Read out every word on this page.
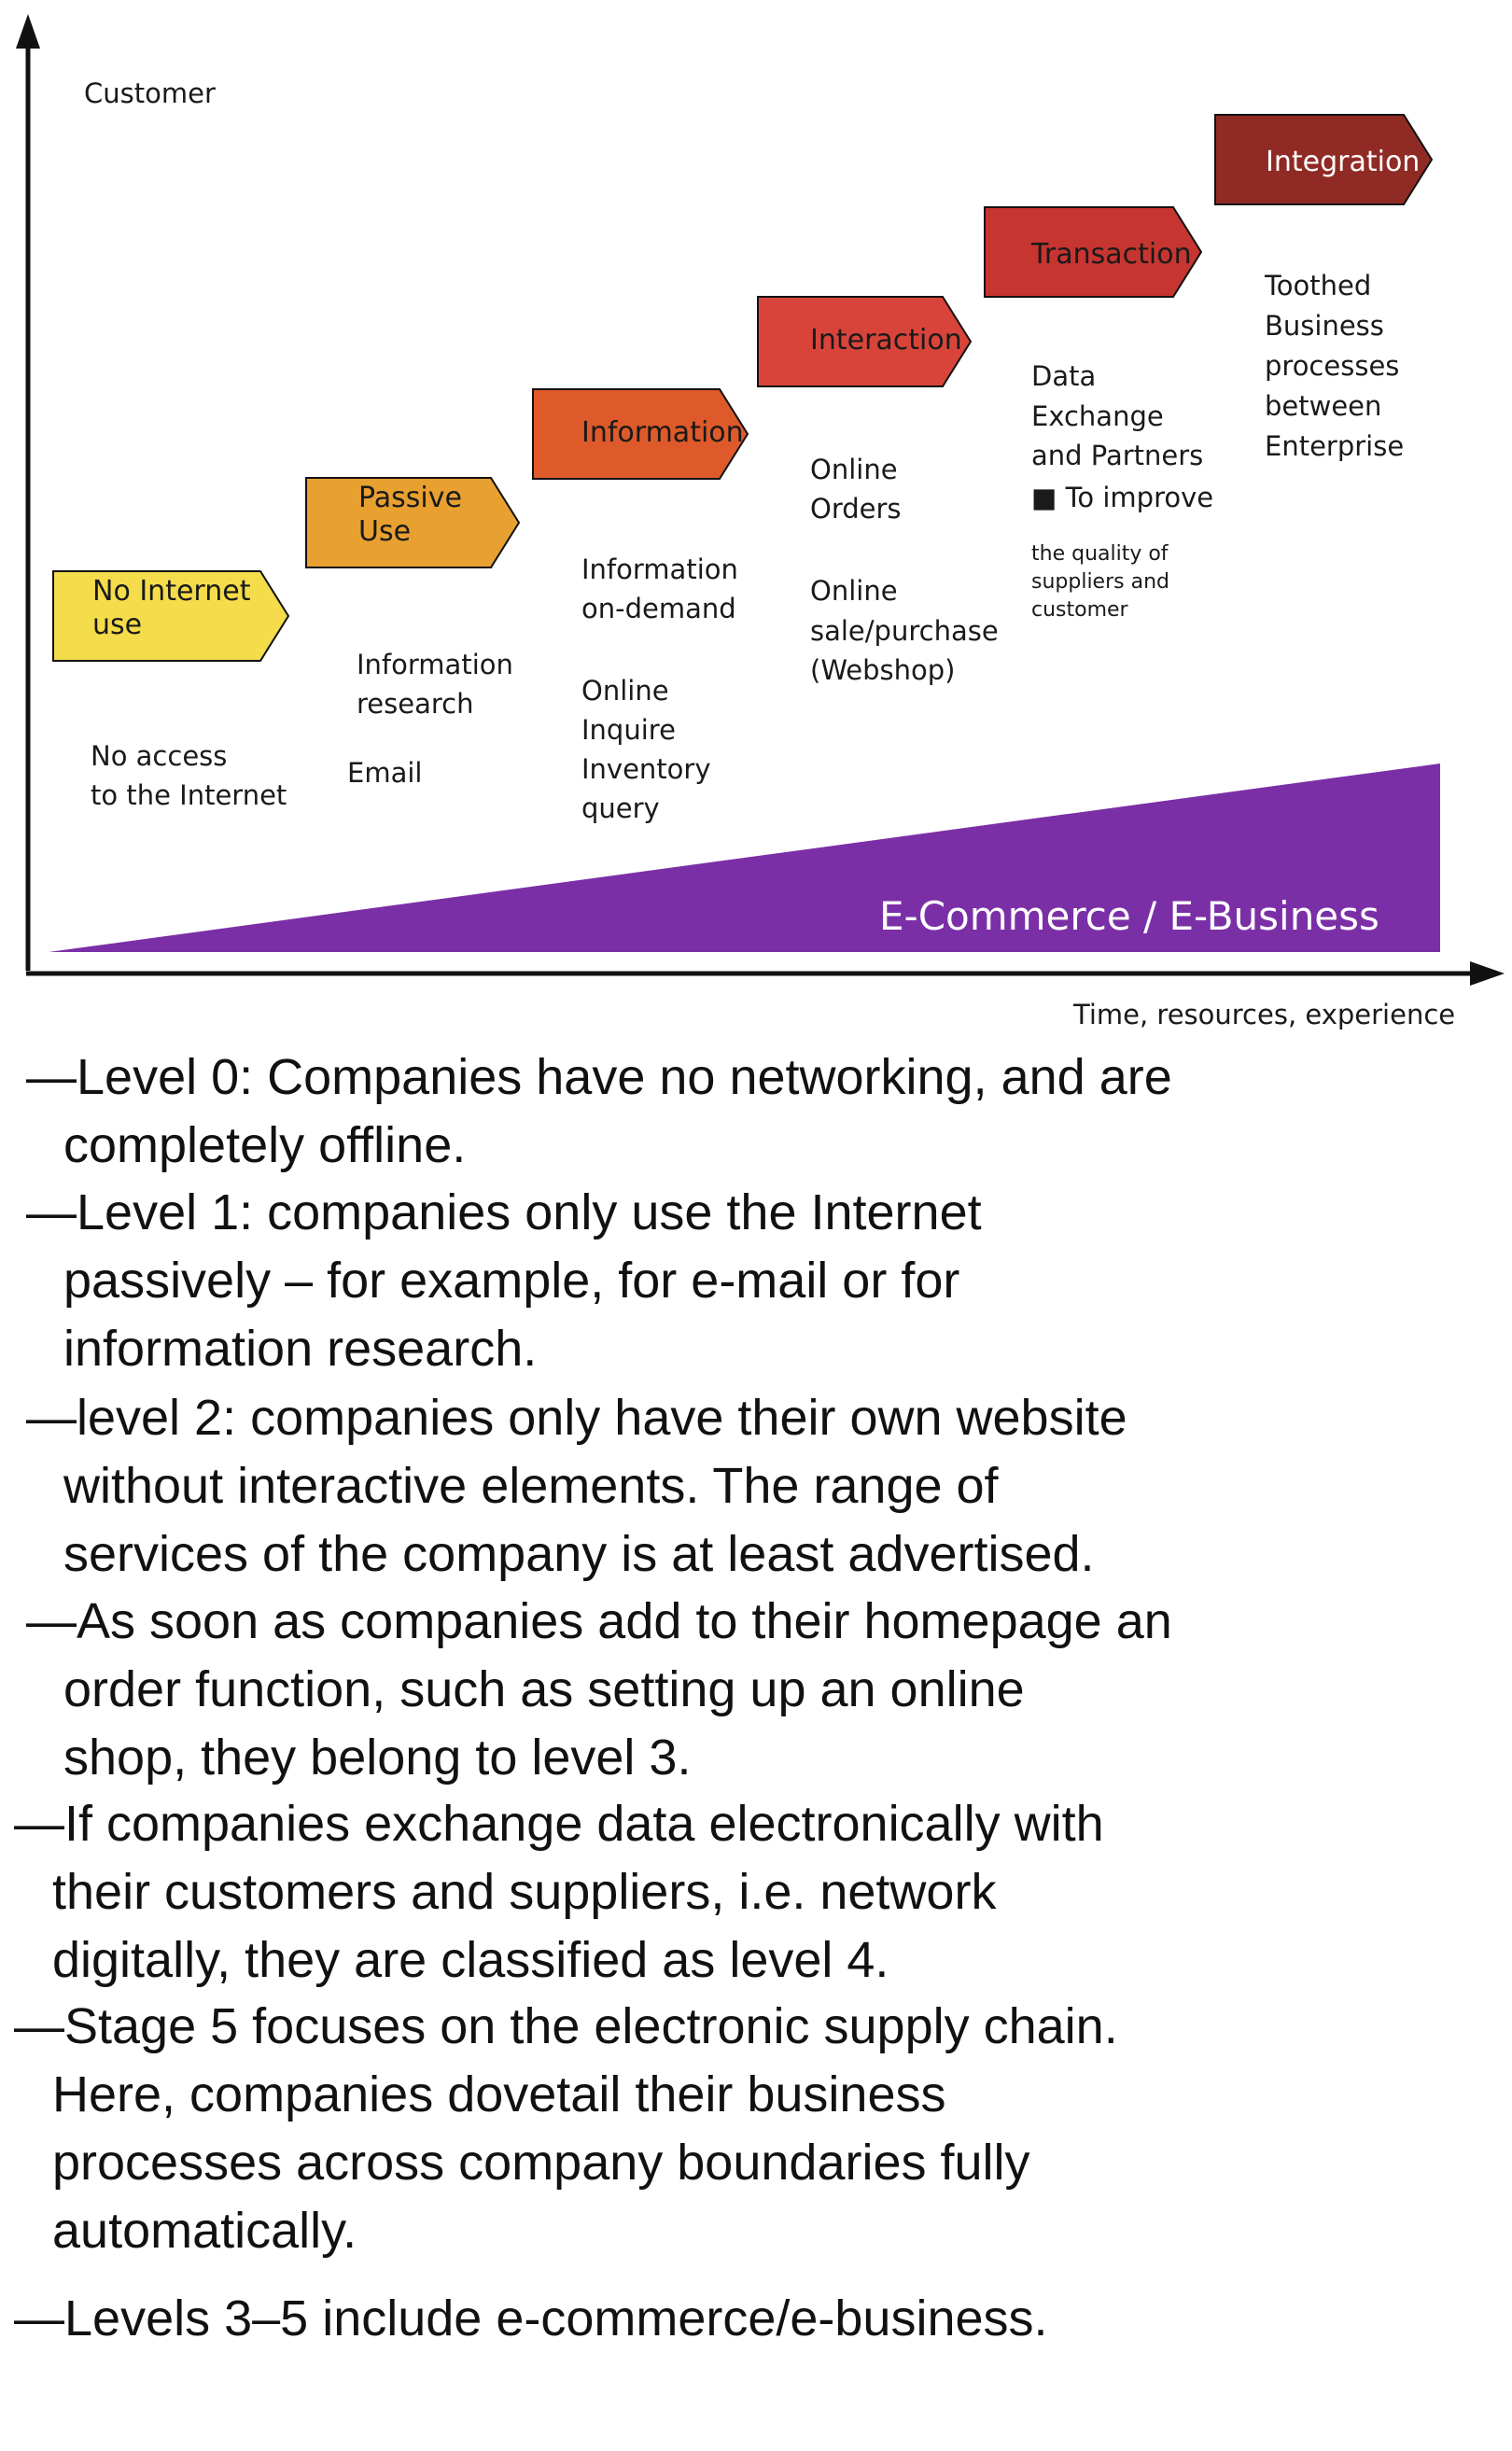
Customer
Time, resources, experience
E-Commerce / E-Business
No Internet
use
No access
to the Internet
Passive
Use
Information
research
Email
Information
Information
on-demand
Online
Inquire
Inventory
query
Interaction
Online
Orders
Online
sale/purchase
(Webshop)
Transaction
Data
Exchange
and Partners
■ To improve
the quality of
suppliers and
customer
Integration
Toothed
Business
processes
between
Enterprise
—Level 0: Companies have no networking, and are
completely offline.
—Level 1: companies only use the Internet
passively – for example, for e-mail or for
information research.
—level 2: companies only have their own website
without interactive elements. The range of
services of the company is at least advertised.
—As soon as companies add to their homepage an
order function, such as setting up an online
shop, they belong to level 3.
—If companies exchange data electronically with
their customers and suppliers, i.e. network
digitally, they are classified as level 4.
—Stage 5 focuses on the electronic supply chain.
Here, companies dovetail their business
processes across company boundaries fully
automatically.
—Levels 3–5 include e-commerce/e-business.
